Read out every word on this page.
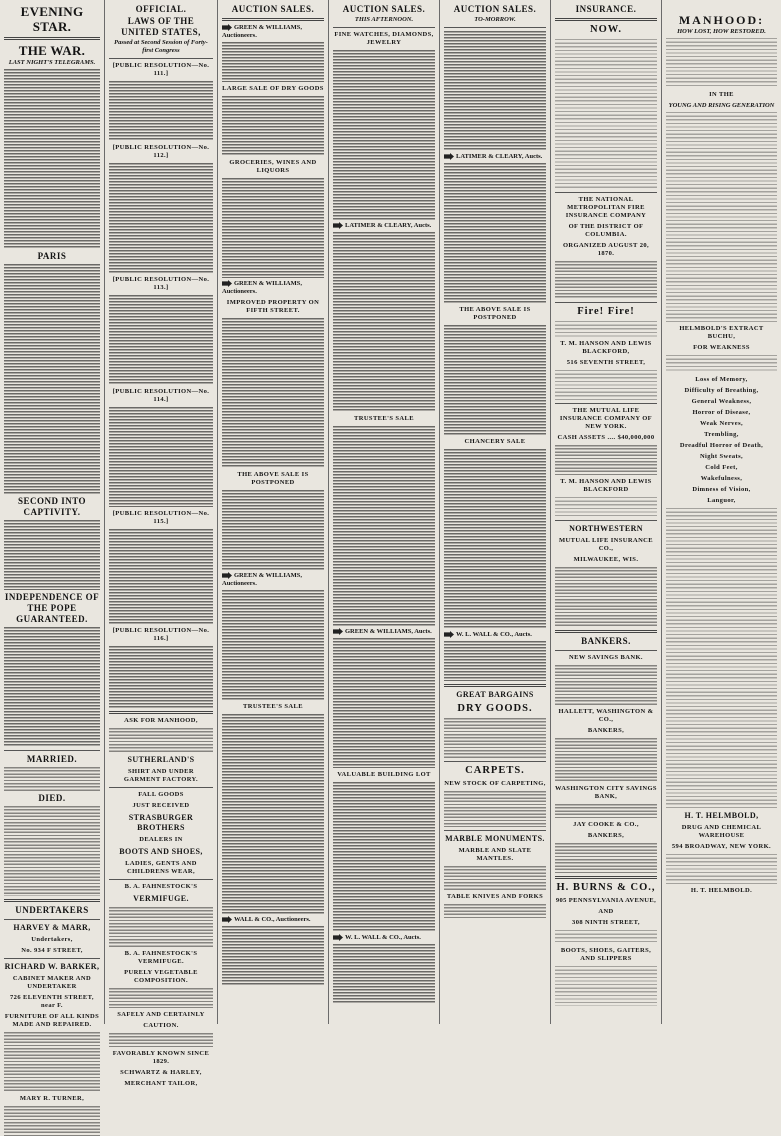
EVENING STAR.
THE WAR.
LAST NIGHT'S TELEGRAMS.
PARIS
SECOND INTO CAPTIVITY.
INDEPENDENCE OF THE POPE GUARANTEED.
MARRIED.
DIED.
UNDERTAKERS
HARVEY & MARR,
Undertakers,
No. 934 F STREET,
RICHARD W. BARKER,
CABINET MAKER AND UNDERTAKER
726 ELEVENTH STREET, near F.
FURNITURE OF ALL KINDS MADE AND REPAIRED.
MARY R. TURNER,
OFFICIAL.
LAWS OF THE UNITED STATES,
Passed at Second Session of Forty-first Congress
[PUBLIC RESOLUTION—No. 111.]
[PUBLIC RESOLUTION—No. 112.]
[PUBLIC RESOLUTION—No. 113.]
[PUBLIC RESOLUTION—No. 114.]
[PUBLIC RESOLUTION—No. 115.]
[PUBLIC RESOLUTION—No. 116.]
ASK FOR MANHOOD,
SUTHERLAND'S
SHIRT AND UNDER GARMENT FACTORY.
FALL GOODS
JUST RECEIVED
STRASBURGER BROTHERS
DEALERS IN
BOOTS AND SHOES,
LADIES, GENTS AND CHILDRENS WEAR,
B. A. FAHNESTOCK'S
VERMIFUGE.
B. A. FAHNESTOCK'S VERMIFUGE.
PURELY VEGETABLE COMPOSITION.
SAFELY AND CERTAINLY
CAUTION.
FAVORABLY KNOWN SINCE 1829.
SCHWARTZ & HARLEY,
MERCHANT TAILOR,
AUCTION SALES.
GREEN & WILLIAMS, Auctioneers.
LARGE SALE OF DRY GOODS
GROCERIES, WINES AND LIQUORS
GREEN & WILLIAMS, Auctioneers.
IMPROVED PROPERTY ON FIFTH STREET.
THE ABOVE SALE IS POSTPONED
GREEN & WILLIAMS, Auctioneers.
TRUSTEE'S SALE
WALL & CO., Auctioneers.
AUCTION SALES.
THIS AFTERNOON.
FINE WATCHES, DIAMONDS, JEWELRY
LATIMER & CLEARY, Aucts.
TRUSTEE'S SALE
GREEN & WILLIAMS, Aucts.
VALUABLE BUILDING LOT
W. L. WALL & CO., Aucts.
AUCTION SALES.
TO-MORROW.
LATIMER & CLEARY, Aucts.
THE ABOVE SALE IS POSTPONED
CHANCERY SALE
W. L. WALL & CO., Aucts.
GREAT BARGAINS
DRY GOODS.
CARPETS.
NEW STOCK OF CARPETING,
MARBLE MONUMENTS.
MARBLE AND SLATE MANTLES.
TABLE KNIVES AND FORKS
INSURANCE.
NOW.
THE NATIONAL METROPOLITAN FIRE INSURANCE COMPANY
OF THE DISTRICT OF COLUMBIA.
ORGANIZED AUGUST 20, 1870.
Fire! Fire!
T. M. HANSON AND LEWIS BLACKFORD,
516 SEVENTH STREET,
THE MUTUAL LIFE INSURANCE COMPANY OF NEW YORK.
CASH ASSETS .... $40,000,000
T. M. HANSON AND LEWIS BLACKFORD
NORTHWESTERN
MUTUAL LIFE INSURANCE CO.,
MILWAUKEE, WIS.
BANKERS.
NEW SAVINGS BANK.
HALLETT, WASHINGTON & CO.,
BANKERS,
WASHINGTON CITY SAVINGS BANK,
JAY COOKE & CO.,
BANKERS,
H. BURNS & CO.,
905 PENNSYLVANIA AVENUE,
AND
308 NINTH STREET,
BOOTS, SHOES, GAITERS, AND SLIPPERS
MANHOOD:
HOW LOST, HOW RESTORED.
IN THE
YOUNG AND RISING GENERATION
HELMBOLD'S EXTRACT BUCHU,
FOR WEAKNESS
Loss of Memory,
Difficulty of Breathing,
General Weakness,
Horror of Disease,
Weak Nerves,
Trembling,
Dreadful Horror of Death,
Night Sweats,
Cold Feet,
Wakefulness,
Dimness of Vision,
Languor,
H. T. HELMBOLD,
DRUG AND CHEMICAL WAREHOUSE
594 BROADWAY, NEW YORK.
H. T. HELMBOLD.
